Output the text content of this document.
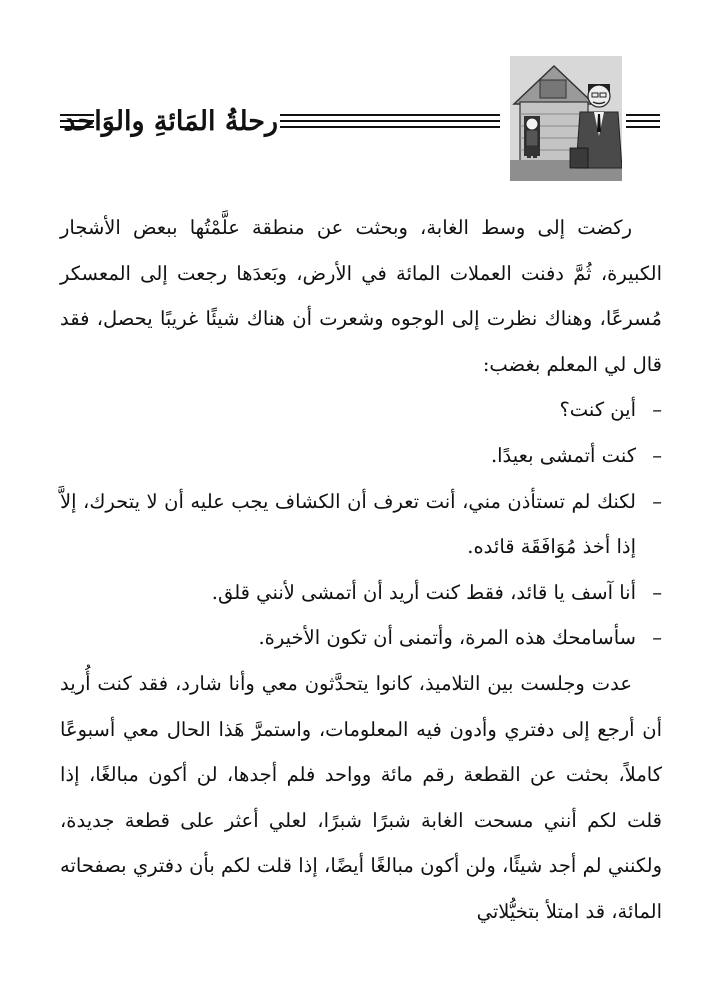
رحلةُ المَائةِ والوَاحد

ركضت إلى وسط الغابة، وبحثت عن منطقة علَّمْتُها ببعض الأشجار الكبيرة، ثُمَّ دفنت العملات المائة في الأرض، وبَعدَها رجعت إلى المعسكر مُسرعًا، وهناك نظرت إلى الوجوه وشعرت أن هناك شيئًا غريبًا يحصل، فقد قال لي المعلم بغضب:

–
أين كنت؟
–
كنت أتمشى بعيدًا.
–
لكنك لم تستأذن مني، أنت تعرف أن الكشاف يجب عليه أن لا يتحرك، إلاَّ إذا أخذ مُوَافَقَة قائده.
–
أنا آسف يا قائد، فقط كنت أريد أن أتمشى لأنني قلق.
–
سأسامحك هذه المرة، وأتمنى أن تكون الأخيرة.

عدت وجلست بين التلاميذ، كانوا يتحدَّثون معي وأنا شارد، فقد كنت أُريد أن أرجع إلى دفتري وأدون فيه المعلومات، واستمرَّ هَذا الحال معي أسبوعًا كاملاً، بحثت عن القطعة رقم مائة وواحد فلم أجدها، لن أكون مبالغًا، إذا قلت لكم أنني مسحت الغابة شبرًا شبرًا، لعلي أعثر على قطعة جديدة، ولكنني لم أجد شيئًا، ولن أكون مبالغًا أيضًا، إذا قلت لكم بأن دفتري بصفحاته المائة، قد امتلأ بتخيُّلاتي
